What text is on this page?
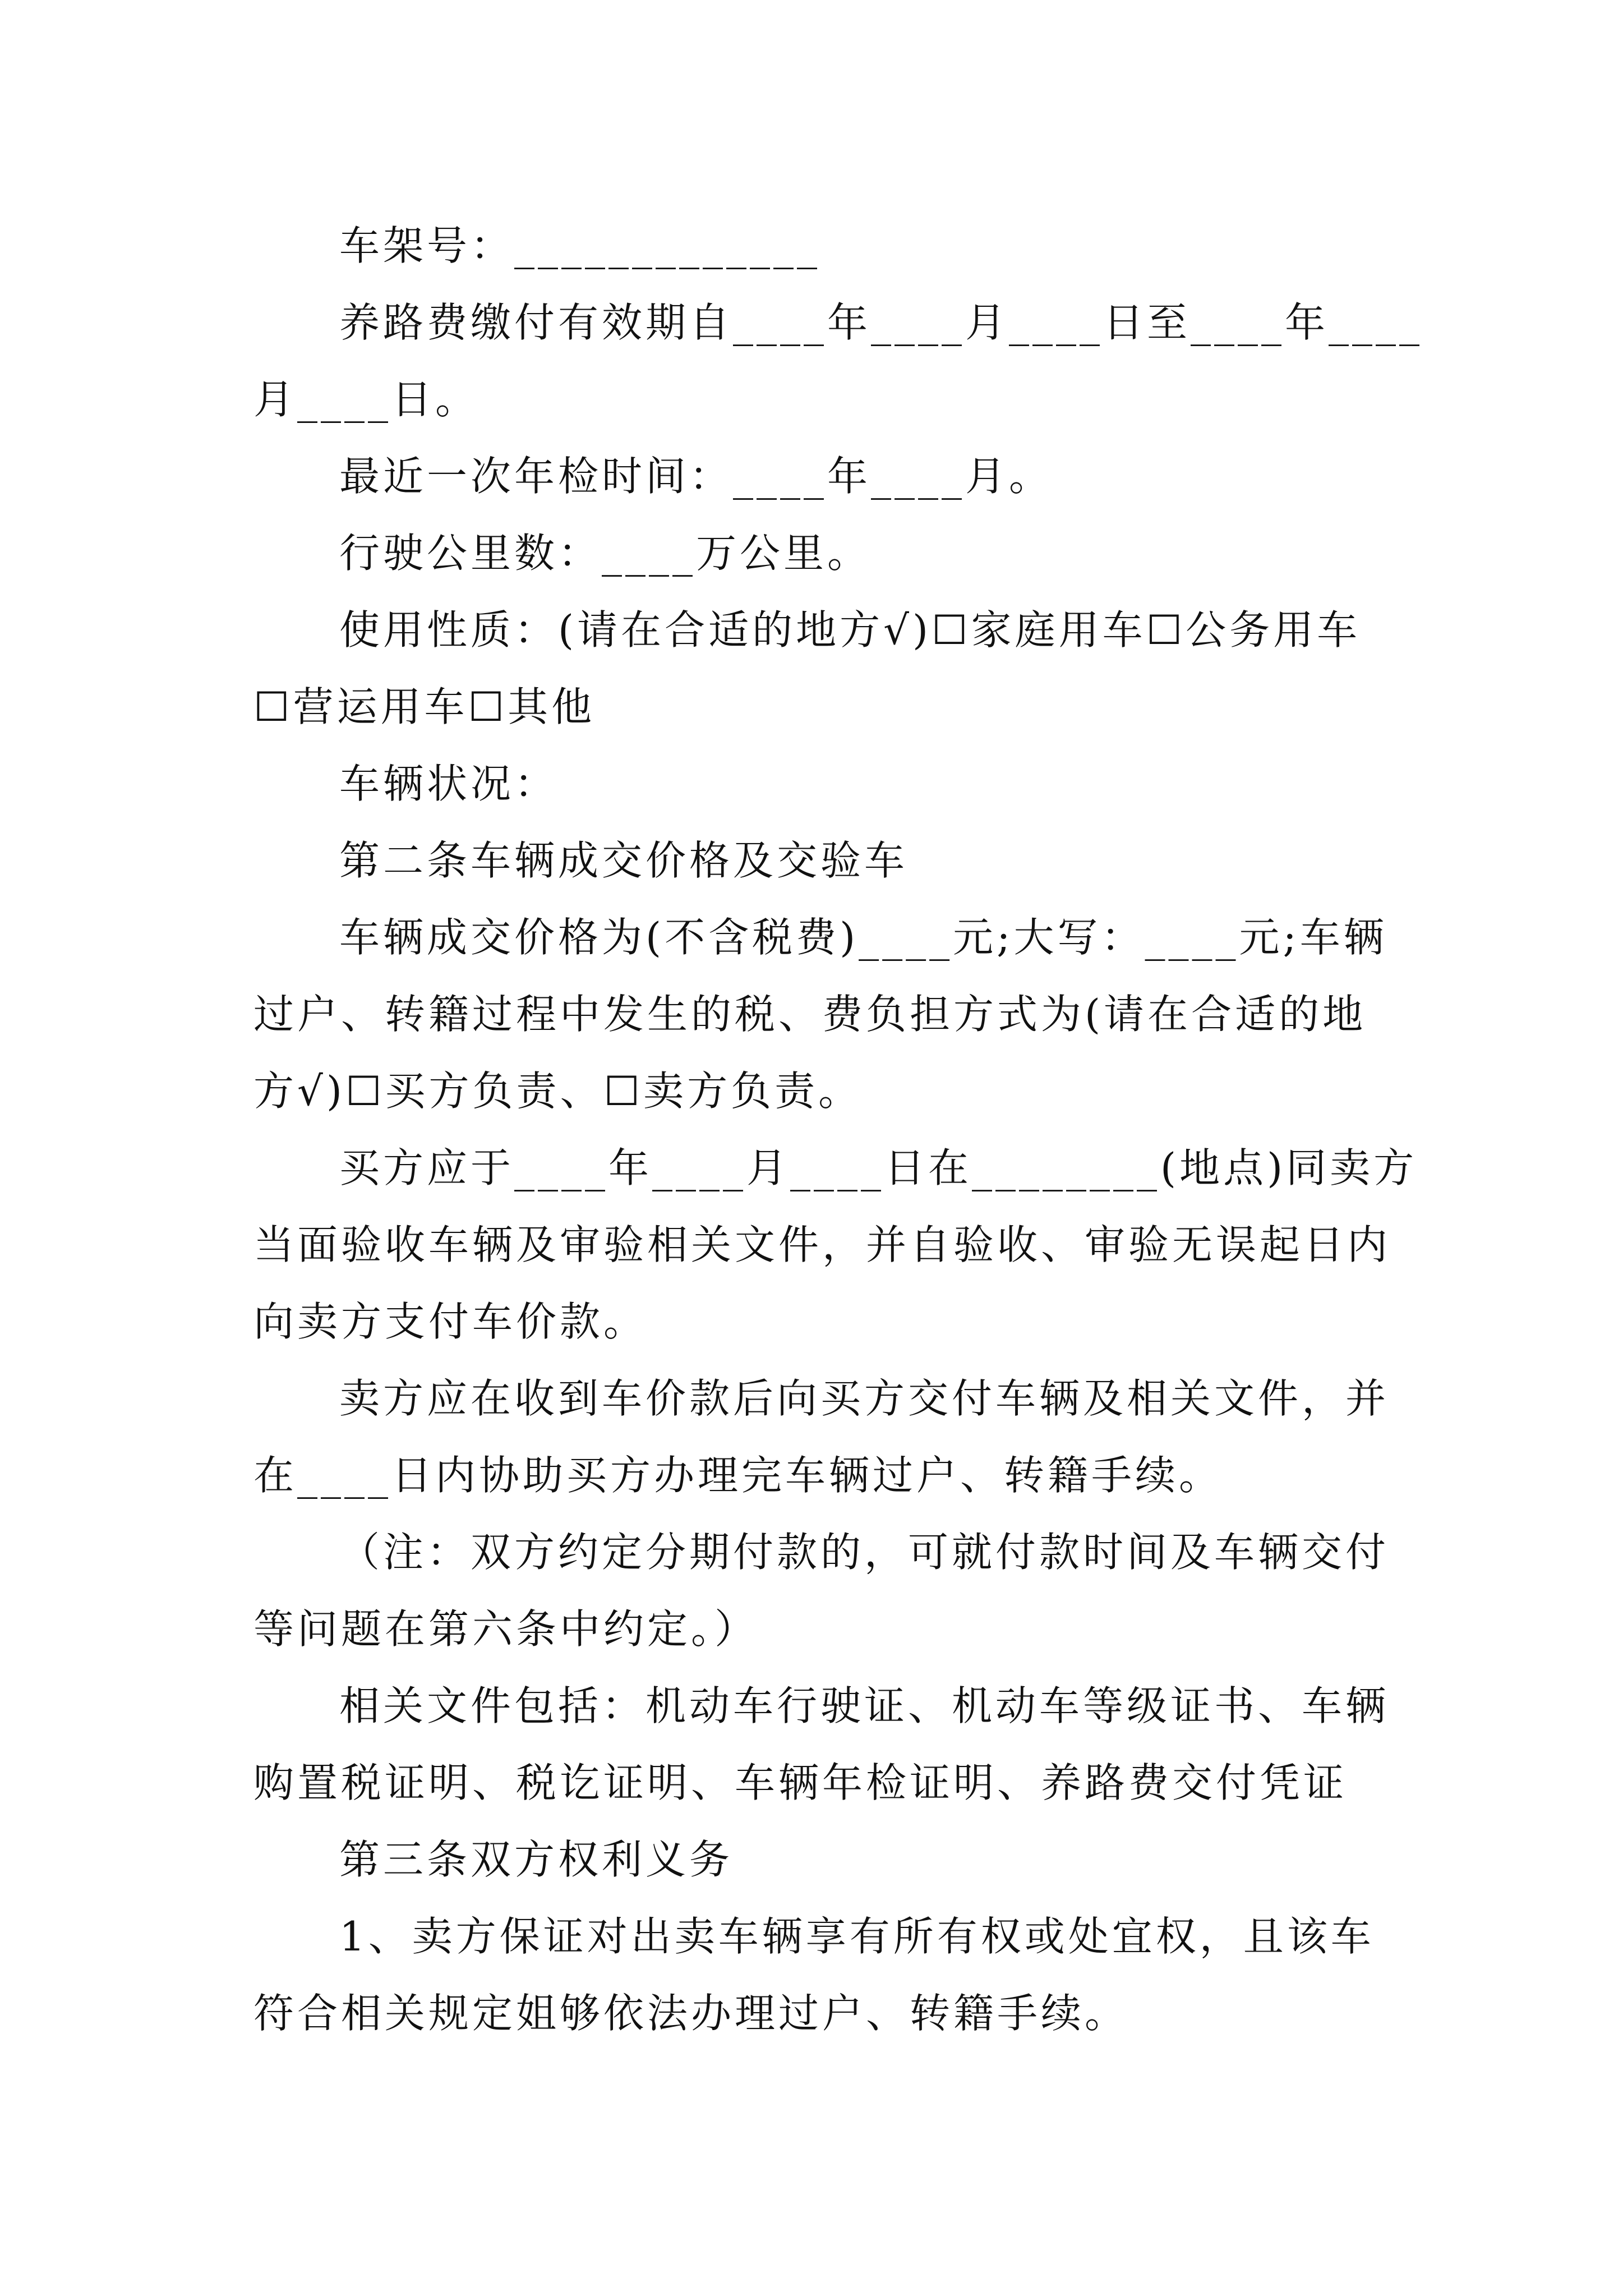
车架号：_____________
养路费缴付有效期自____年____月____日至____年____
月____日。
最近一次年检时间：____年____月。
行驶公里数：____万公里。
使用性质：(请在合适的地方√)☐家庭用车☐公务用车
☐营运用车☐其他
车辆状况：
第二条车辆成交价格及交验车
车辆成交价格为(不含税费)____元;大写：____元;车辆
过户、转籍过程中发生的税、费负担方式为(请在合适的地
方√)☐买方负责、☐卖方负责。
买方应于____年____月____日在________(地点)同卖方
当面验收车辆及审验相关文件，并自验收、审验无误起日内
向卖方支付车价款。
卖方应在收到车价款后向买方交付车辆及相关文件，并
在____日内协助买方办理完车辆过户、转籍手续。
（注：双方约定分期付款的，可就付款时间及车辆交付
等问题在第六条中约定。）
相关文件包括：机动车行驶证、机动车等级证书、车辆
购置税证明、税讫证明、车辆年检证明、养路费交付凭证
第三条双方权利义务
1、卖方保证对出卖车辆享有所有权或处宜权，且该车
符合相关规定姐够依法办理过户、转籍手续。
